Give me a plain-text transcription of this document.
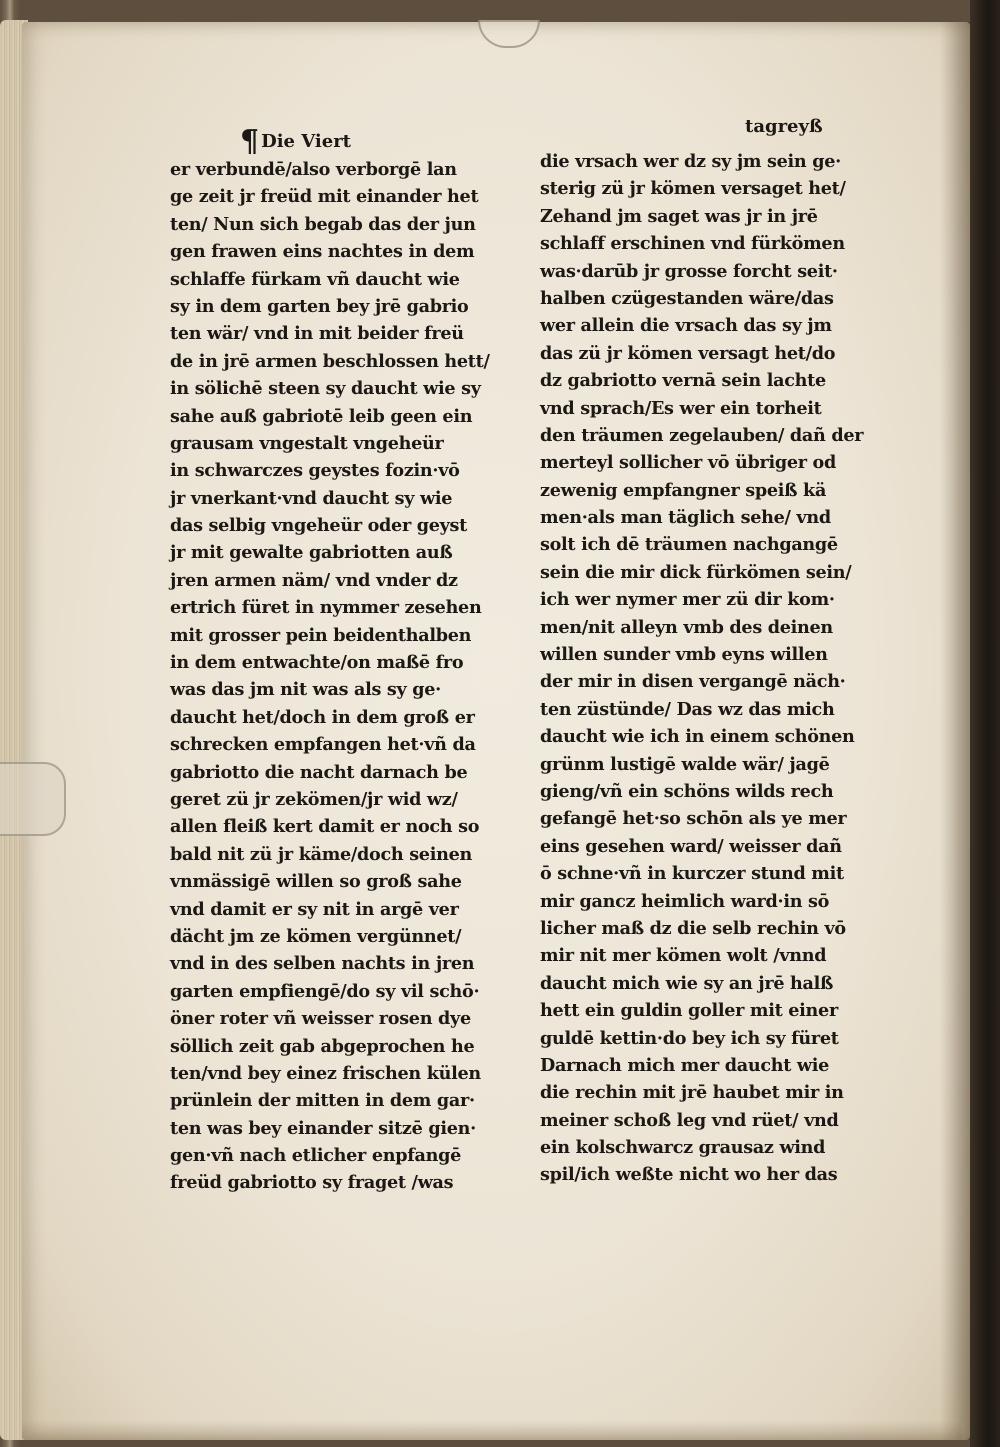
¶ Die Viert
tagreyß
er verbundē/also verborgē lan
ge zeit jr freüd mit einander het
ten/ Nun sich begab das der jun
gen frawen eins nachtes in dem
schlaffe fürkam vñ daucht wie
sy in dem garten bey jrē gabrio
ten wär/ vnd in mit beider freü
de in jrē armen beschlossen hett/
in sölichē steen sy daucht wie sy
sahe auß gabriotē leib geen ein
grausam vngestalt vngeheür
in schwarczes geystes fozin·vō
jr vnerkant·vnd daucht sy wie
das selbig vngeheür oder geyst
jr mit gewalte gabriotten auß
jren armen näm/ vnd vnder dz
ertrich füret in nymmer zesehen
mit grosser pein beidenthalben
in dem entwachte/on maßē fro
was das jm nit was als sy ge·
daucht het/doch in dem groß er
schrecken empfangen het·vñ da
gabriotto die nacht darnach be
geret zü jr zekömen/jr wid wz/
allen fleiß kert damit er noch so
bald nit zü jr käme/doch seinen
vnmässigē willen so groß sahe
vnd damit er sy nit in argē ver
dächt jm ze kömen vergünnet/
vnd in des selben nachts in jren
garten empfiengē/do sy vil schō·
öner roter vñ weisser rosen dye
söllich zeit gab abgeprochen he
ten/vnd bey einez frischen külen
prünlein der mitten in dem gar·
ten was bey einander sitzē gien·
gen·vñ nach etlicher enpfangē
freüd gabriotto sy fraget /was
die vrsach wer dz sy jm sein ge·
sterig zü jr kömen versaget het/
Zehand jm saget was jr in jrē
schlaff erschinen vnd fürkömen
was·darūb jr grosse forcht seit·
halben czügestanden wäre/das
wer allein die vrsach das sy jm
das zü jr kömen versagt het/do
dz gabriotto vernā sein lachte
vnd sprach/Es wer ein torheit
den träumen zegelauben/ dañ der
merteyl sollicher vō übriger od
zewenig empfangner speiß kä
men·als man täglich sehe/ vnd
solt ich dē träumen nachgangē
sein die mir dick fürkömen sein/
ich wer nymer mer zü dir kom·
men/nit alleyn vmb des deinen
willen sunder vmb eyns willen
der mir in disen vergangē näch·
ten züstünde/ Das wz das mich
daucht wie ich in einem schönen
grünm lustigē walde wär/ jagē
gieng/vñ ein schöns wilds rech
gefangē het·so schōn als ye mer
eins gesehen ward/ weisser dañ
ō schne·vñ in kurczer stund mit
mir gancz heimlich ward·in sō
licher maß dz die selb rechin vō
mir nit mer kömen wolt /vnnd
daucht mich wie sy an jrē halß
hett ein guldin goller mit einer
guldē kettin·do bey ich sy füret
Darnach mich mer daucht wie
die rechin mit jrē haubet mir in
meiner schoß leg vnd rüet/ vnd
ein kolschwarcz grausaz wind
spil/ich weßte nicht wo her das
